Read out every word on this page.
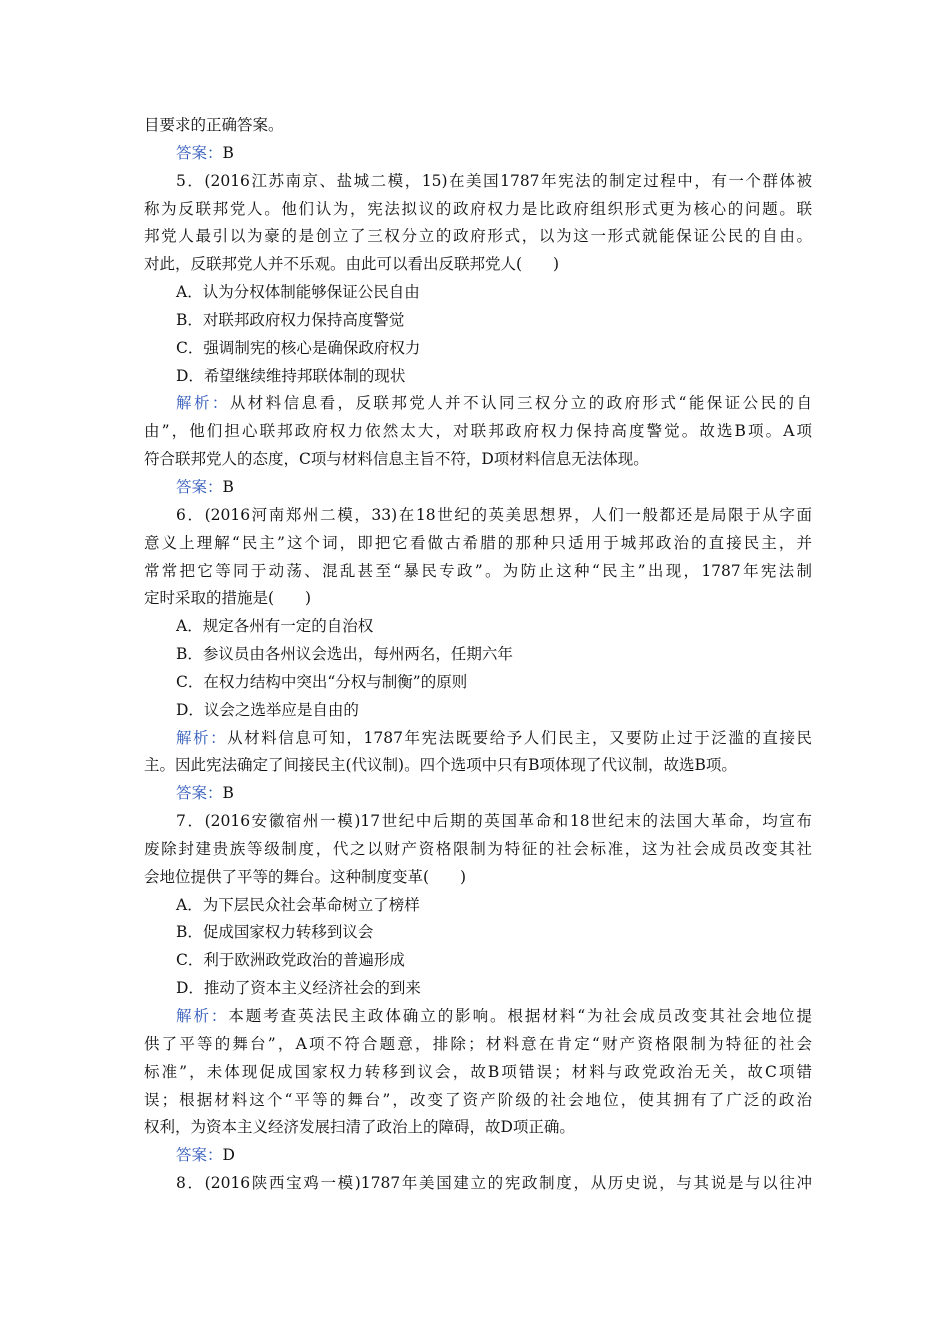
目要求的正确答案。
答案：B
5．(2016江苏南京、盐城二模，15)在美国1787年宪法的制定过程中，有一个群体被
称为反联邦党人。他们认为，宪法拟议的政府权力是比政府组织形式更为核心的问题。联
邦党人最引以为豪的是创立了三权分立的政府形式，以为这一形式就能保证公民的自由。
对此，反联邦党人并不乐观。由此可以看出反联邦党人(　　)
A．认为分权体制能够保证公民自由
B．对联邦政府权力保持高度警觉
C．强调制宪的核心是确保政府权力
D．希望继续维持邦联体制的现状
解析：从材料信息看，反联邦党人并不认同三权分立的政府形式“能保证公民的自
由”，他们担心联邦政府权力依然太大，对联邦政府权力保持高度警觉。故选B项。A项
符合联邦党人的态度，C项与材料信息主旨不符，D项材料信息无法体现。
答案：B
6．(2016河南郑州二模，33)在18世纪的英美思想界，人们一般都还是局限于从字面
意义上理解“民主”这个词，即把它看做古希腊的那种只适用于城邦政治的直接民主，并
常常把它等同于动荡、混乱甚至“暴民专政”。为防止这种“民主”出现，1787年宪法制
定时采取的措施是(　　)
A．规定各州有一定的自治权
B．参议员由各州议会选出，每州两名，任期六年
C．在权力结构中突出“分权与制衡”的原则
D．议会之选举应是自由的
解析：从材料信息可知，1787年宪法既要给予人们民主，又要防止过于泛滥的直接民
主。因此宪法确定了间接民主(代议制)。四个选项中只有B项体现了代议制，故选B项。
答案：B
7．(2016安徽宿州一模)17世纪中后期的英国革命和18世纪末的法国大革命，均宣布
废除封建贵族等级制度，代之以财产资格限制为特征的社会标准，这为社会成员改变其社
会地位提供了平等的舞台。这种制度变革(　　)
A．为下层民众社会革命树立了榜样
B．促成国家权力转移到议会
C．利于欧洲政党政治的普遍形成
D．推动了资本主义经济社会的到来
解析：本题考查英法民主政体确立的影响。根据材料“为社会成员改变其社会地位提
供了平等的舞台”，A项不符合题意，排除；材料意在肯定“财产资格限制为特征的社会
标准”，未体现促成国家权力转移到议会，故B项错误；材料与政党政治无关，故C项错
误；根据材料这个“平等的舞台”，改变了资产阶级的社会地位，使其拥有了广泛的政治
权利，为资本主义经济发展扫清了政治上的障碍，故D项正确。
答案：D
8．(2016陕西宝鸡一模)1787年美国建立的宪政制度，从历史说，与其说是与以往冲
